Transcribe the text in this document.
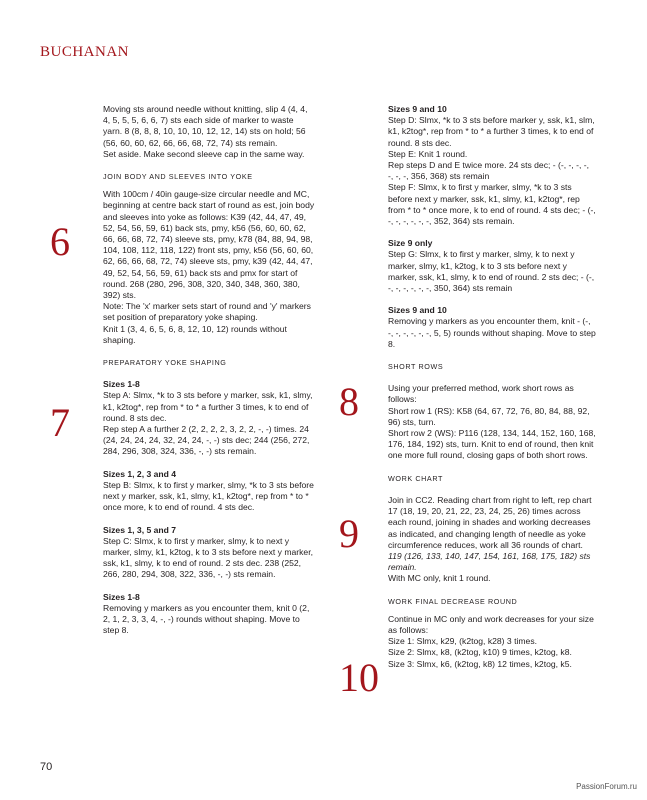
BUCHANAN
6
7	8
9
10

Moving sts around needle without knitting, slip 4 (4, 4, 4, 5, 5, 5, 6, 6, 7) sts each side of marker to waste yarn. 8 (8, 8, 8, 10, 10, 10, 12, 12, 14) sts on hold; 56 (56, 60, 60, 62, 66, 66, 68, 72, 74) sts remain.

Set aside. Make second sleeve cap in the same way.

JOIN BODY AND SLEEVES INTO YOKE

With 100cm / 40in gauge-size circular needle and MC, beginning at centre back start of round as est, join body and sleeves into yoke as follows: K39 (42, 44, 47, 49, 52, 54, 56, 59, 61) back sts, pmy, k56 (56, 60, 60, 62, 66, 66, 68, 72, 74) sleeve sts, pmy, k78 (84, 88, 94, 98, 104, 108, 112, 118, 122) front sts, pmy, k56 (56, 60, 60, 62, 66, 66, 68, 72, 74) sleeve sts, pmy, k39 (42, 44, 47, 49, 52, 54, 56, 59, 61) back sts and pmx for start of round. 268 (280, 296, 308, 320, 340, 348, 360, 380, 392) sts.

Note: The 'x' marker sets start of round and 'y' markers set position of preparatory yoke shaping.

Knit 1 (3, 4, 6, 5, 6, 8, 12, 10, 12) rounds without shaping.

PREPARATORY YOKE SHAPING

Sizes 1-8

Step A: Slmx, *k to 3 sts before y marker, ssk, k1, slmy, k1, k2tog*, rep from * to * a further 3 times, k to end of round. 8 sts dec.

Rep step A a further 2 (2, 2, 2, 2, 3, 2, 2, -, -) times. 24 (24, 24, 24, 24, 32, 24, 24, -, -) sts dec; 244 (256, 272, 284, 296, 308, 324, 336, -, -) sts remain.

Sizes 1, 2, 3 and 4

Step B: Slmx, k to first y marker, slmy, *k to 3 sts before next y marker, ssk, k1, slmy, k1, k2tog*, rep from * to * once more, k to end of round. 4 sts dec.

Sizes 1, 3, 5 and 7

Step C: Slmx, k to first y marker, slmy, k to next y marker, slmy, k1, k2tog, k to 3 sts before next y marker, ssk, k1, slmy, k to end of round. 2 sts dec. 238 (252, 266, 280, 294, 308, 322, 336, -, -) sts remain.

Sizes 1-8

Removing y markers as you encounter them, knit 0 (2, 2, 1, 2, 3, 3, 4, -, -) rounds without shaping. Move to step 8.

Sizes 9 and 10

Step D: Slmx, *k to 3 sts before marker y, ssk, k1, slm, k1, k2tog*, rep from * to * a further 3 times, k to end of round. 8 sts dec.

Step E: Knit 1 round.

Rep steps D and E twice more. 24 sts dec; - (-, -, -, -, -, -, -, 356, 368) sts remain

Step F: Slmx, k to first y marker, slmy, *k to 3 sts before next y marker, ssk, k1, slmy, k1, k2tog*, rep from * to * once more, k to end of round. 4 sts dec; - (-, -, -, -, -, -, -, 352, 364) sts remain.

Size 9 only

Step G: Slmx, k to first y marker, slmy, k to next y marker, slmy, k1, k2tog, k to 3 sts before next y marker, ssk, k1, slmy, k to end of round. 2 sts dec; - (-, -, -, -, -, -, -, 350, 364) sts remain

Sizes 9 and 10

Removing y markers as you encounter them, knit - (-, -, -, -, -, -, -, 5, 5) rounds without shaping. Move to step 8.

SHORT ROWS

Using your preferred method, work short rows as follows:

Short row 1 (RS): K58 (64, 67, 72, 76, 80, 84, 88, 92, 96) sts, turn.

Short row 2 (WS): P116 (128, 134, 144, 152, 160, 168, 176, 184, 192) sts, turn. Knit to end of round, then knit one more full round, closing gaps of both short rows.

WORK CHART

Join in CC2. Reading chart from right to left, rep chart 17 (18, 19, 20, 21, 22, 23, 24, 25, 26) times across each round, joining in shades and working decreases as indicated, and changing length of needle as yoke circumference reduces, work all 36 rounds of chart.

119 (126, 133, 140, 147, 154, 161, 168, 175, 182) sts remain.

With MC only, knit 1 round.

WORK FINAL DECREASE ROUND

Continue in MC only and work decreases for your size as follows:

Size 1: Slmx, k29, (k2tog, k28) 3 times.

Size 2: Slmx, k8, (k2tog, k10) 9 times, k2tog, k8.

Size 3: Slmx, k6, (k2tog, k8) 12 times, k2tog, k5.

70
PassionForum.ru
